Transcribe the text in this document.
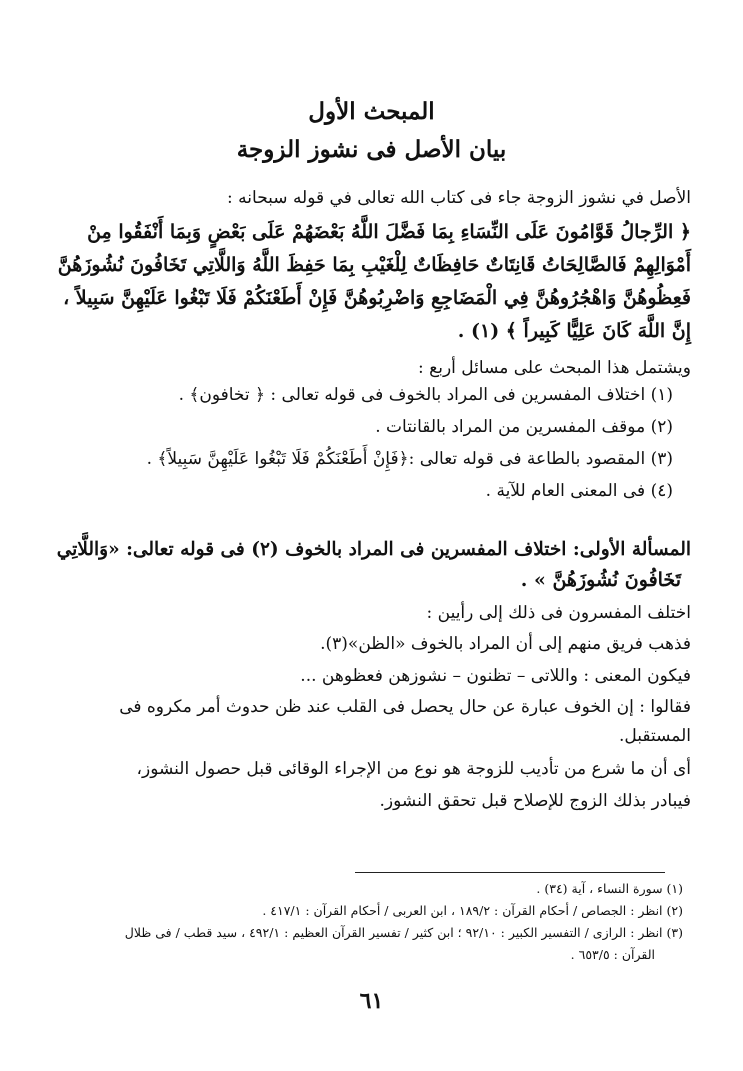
المبحث الأول
بيان الأصل فى نشوز الزوجة
الأصل في نشوز الزوجة جاء فى كتاب الله تعالى في قوله سبحانه :
﴿ الرِّجالُ قَوَّامُونَ عَلَى النِّسَاءِ بِمَا فَضَّلَ اللَّهُ بَعْضَهُمْ عَلَى بَعْضٍ وَبِمَا أَنْفَقُوا مِنْ
أَمْوَالِهِمْ فَالصَّالِحَاتُ قَانِتَاتٌ حَافِظَاتٌ لِلْغَيْبِ بِمَا حَفِظَ اللَّهُ وَاللَّاتِي تَخَافُونَ نُشُوزَهُنَّ
فَعِظُوهُنَّ وَاهْجُرُوهُنَّ فِي الْمَضَاجِعِ وَاضْرِبُوهُنَّ فَإِنْ أَطَعْنَكُمْ فَلَا تَبْغُوا عَلَيْهِنَّ سَبِيلاً ،
إِنَّ اللَّهَ كَانَ عَلِيًّا كَبِيراً ﴾ (١) .
ويشتمل هذا المبحث على مسائل أربع :
(١) اختلاف المفسرين فى المراد بالخوف فى قوله تعالى : ﴿ تخافون﴾ .
(٢) موقف المفسرين من المراد بالقانتات .
(٣) المقصود بالطاعة فى قوله تعالى :﴿فَإِنْ أَطَعْنَكُمْ فَلَا تَبْغُوا عَلَيْهِنَّ سَبِيلاً﴾ .
(٤) فى المعنى العام للآية .
المسألة الأولى: اختلاف المفسرين فى المراد بالخوف (٢) فى قوله تعالى: «وَاللَّاتِي
تَخَافُونَ نُشُوزَهُنَّ » .
اختلف المفسرون فى ذلك إلى رأيين :
فذهب فريق منهم إلى أن المراد بالخوف «الظن»(٣).
فيكون المعنى : واللاتى – تظنون – نشوزهن فعظوهن ...
فقالوا : إن الخوف عبارة عن حال يحصل فى القلب عند ظن حدوث أمر مكروه فى
المستقبل.
أى أن ما شرع من تأديب للزوجة هو نوع من الإجراء الوقائى قبل حصول النشوز،
فيبادر بذلك الزوج للإصلاح قبل تحقق النشوز.
(١) سورة النساء ، آية (٣٤) .
(٢) انظر : الجصاص / أحكام القرآن : ١٨٩/٢ ، ابن العربى / أحكام القرآن : ٤١٧/١ .
(٣) انظر : الرازى / التفسير الكبير : ٩٢/١٠ ؛ ابن كثير / تفسير القرآن العظيم : ٤٩٢/١ ، سيد قطب / فى ظلال
القرآن : ٦٥٣/٥ .
٦١
